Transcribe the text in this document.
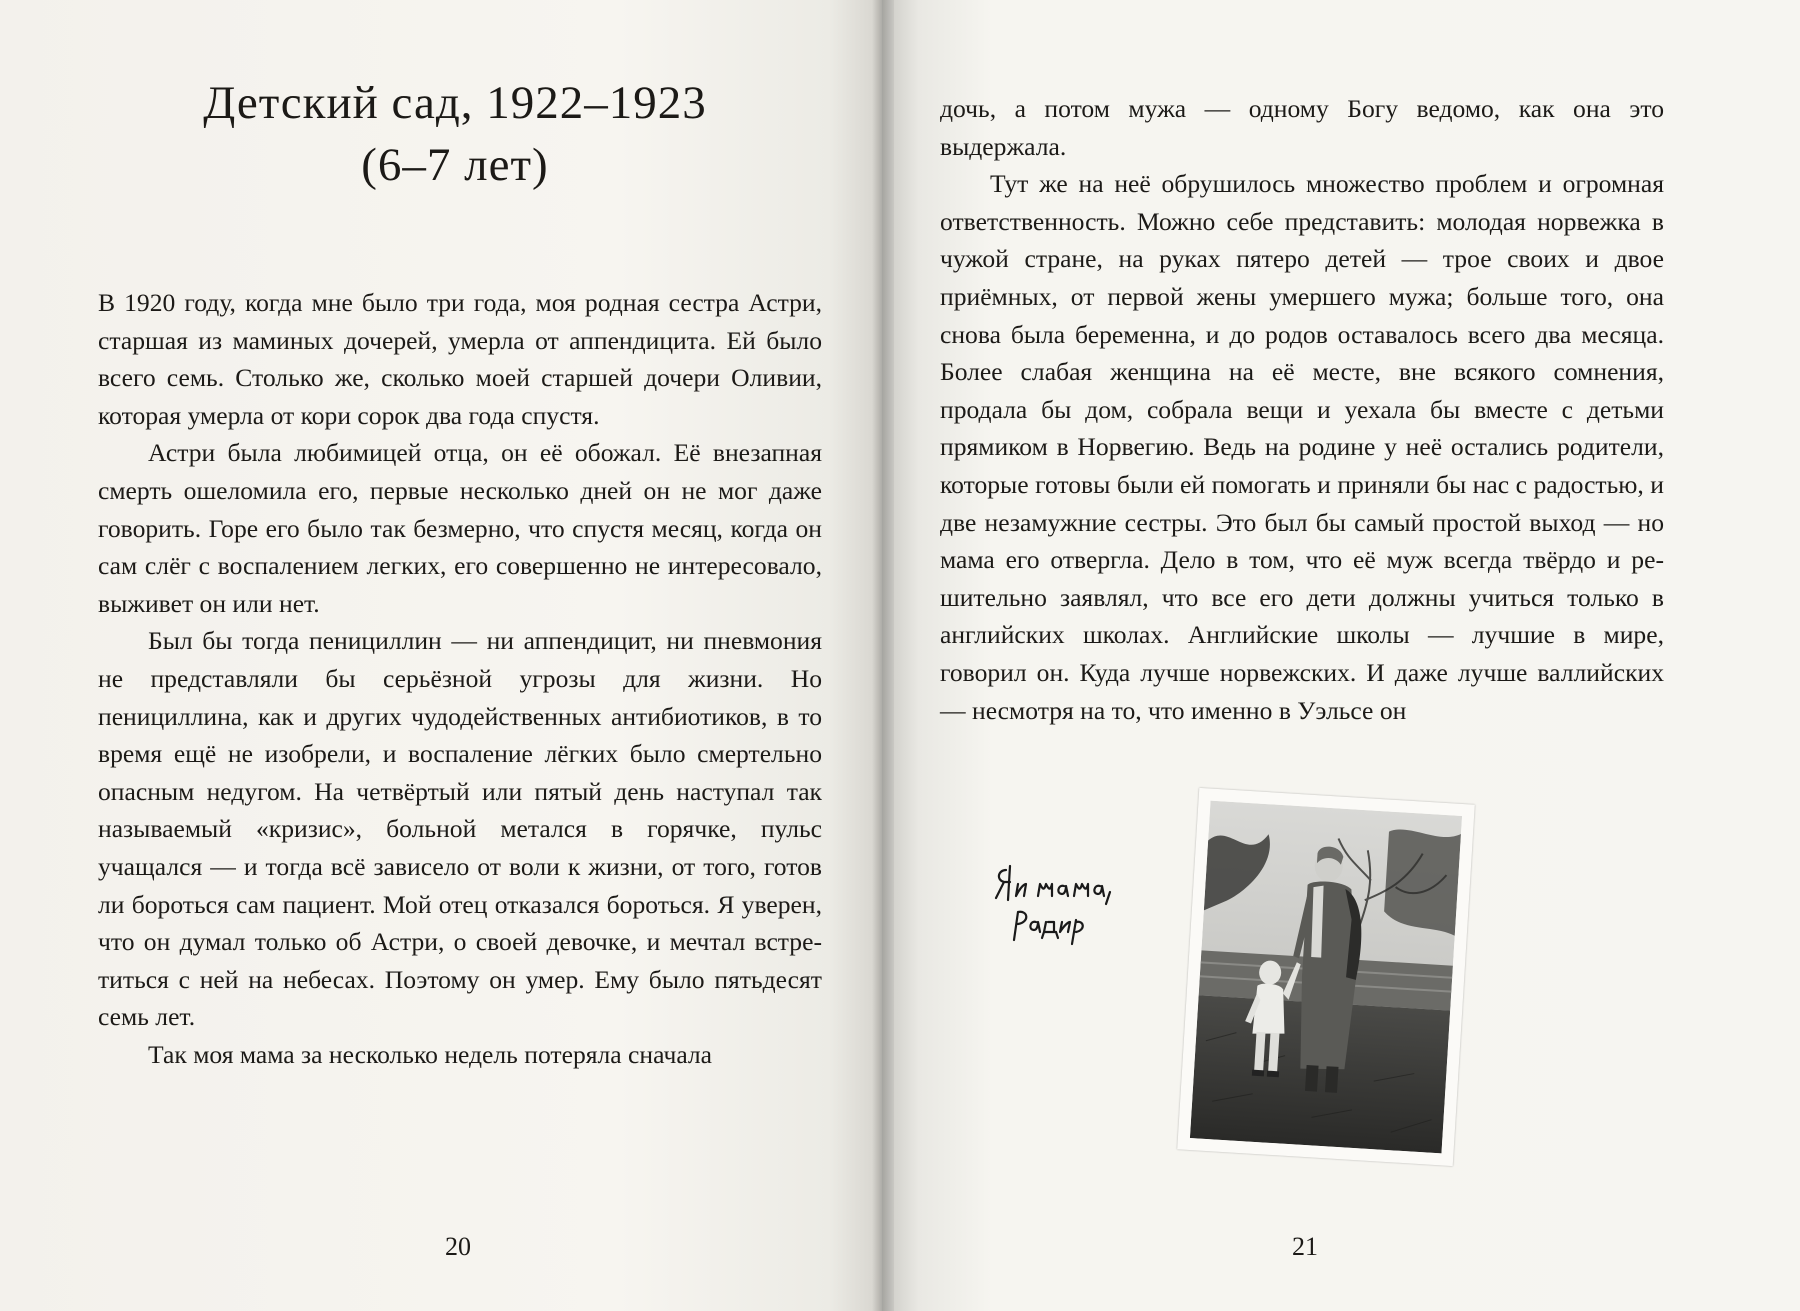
Детский сад, 1922–1923
(6–7 лет)

В 1920 году, когда мне было три года, моя родная сестра Астри, старшая из маминых дочерей, умерла от аппендицита. Ей было всего семь. Столько же, сколько моей старшей дочери Оливии, которая умерла от кори сорок два года спустя.

Астри была любимицей отца, он её обожал. Её внезапная смерть ошеломила его, первые несколько дней он не мог даже говорить. Горе его было так безмерно, что спустя месяц, когда он сам слёг с воспалением легких, его совершенно не интересовало, выживет он или нет.

Был бы тогда пенициллин — ни аппендицит, ни пневмония не представляли бы серьёзной угрозы для жизни. Но пенициллина, как и других чудодейственных антибиотиков, в то время ещё не изобрели, и воспаление лёгких было смертельно опасным недугом. На четвёртый или пятый день наступал так называемый «кризис», больной метался в горячке, пульс учащался — и тогда всё зависело от воли к жизни, от того, готов ли бороться сам пациент. Мой отец отказался бороться. Я уверен, что он думал только об Астри, о своей девочке, и мечтал встретиться с ней на небесах. Поэтому он умер. Ему было пятьдесят семь лет.

Так моя мама за несколько недель потеряла сначала

20

дочь, а потом мужа — одному Богу ведомо, как она это выдержала.

Тут же на неё обрушилось множество проблем и огромная ответственность. Можно себе представить: молодая норвежка в чужой стране, на руках пятеро детей — трое своих и двое приёмных, от первой жены умершего мужа; больше того, она снова была беременна, и до родов оставалось всего два месяца. Более слабая женщина на её месте, вне всякого сомнения, продала бы дом, собрала вещи и уехала бы вместе с детьми прямиком в Норвегию. Ведь на родине у неё остались родители, которые готовы были ей помогать и приняли бы нас с радостью, и две незамужние сестры. Это был бы самый простой выход — но мама его отвергла. Дело в том, что её муж всегда твёрдо и решительно заявлял, что все его дети должны учиться только в английских школах. Английские школы — лучшие в мире, говорил он. Куда лучше норвежских. И даже лучше валлийских — несмотря на то, что именно в Уэльсе он

21
